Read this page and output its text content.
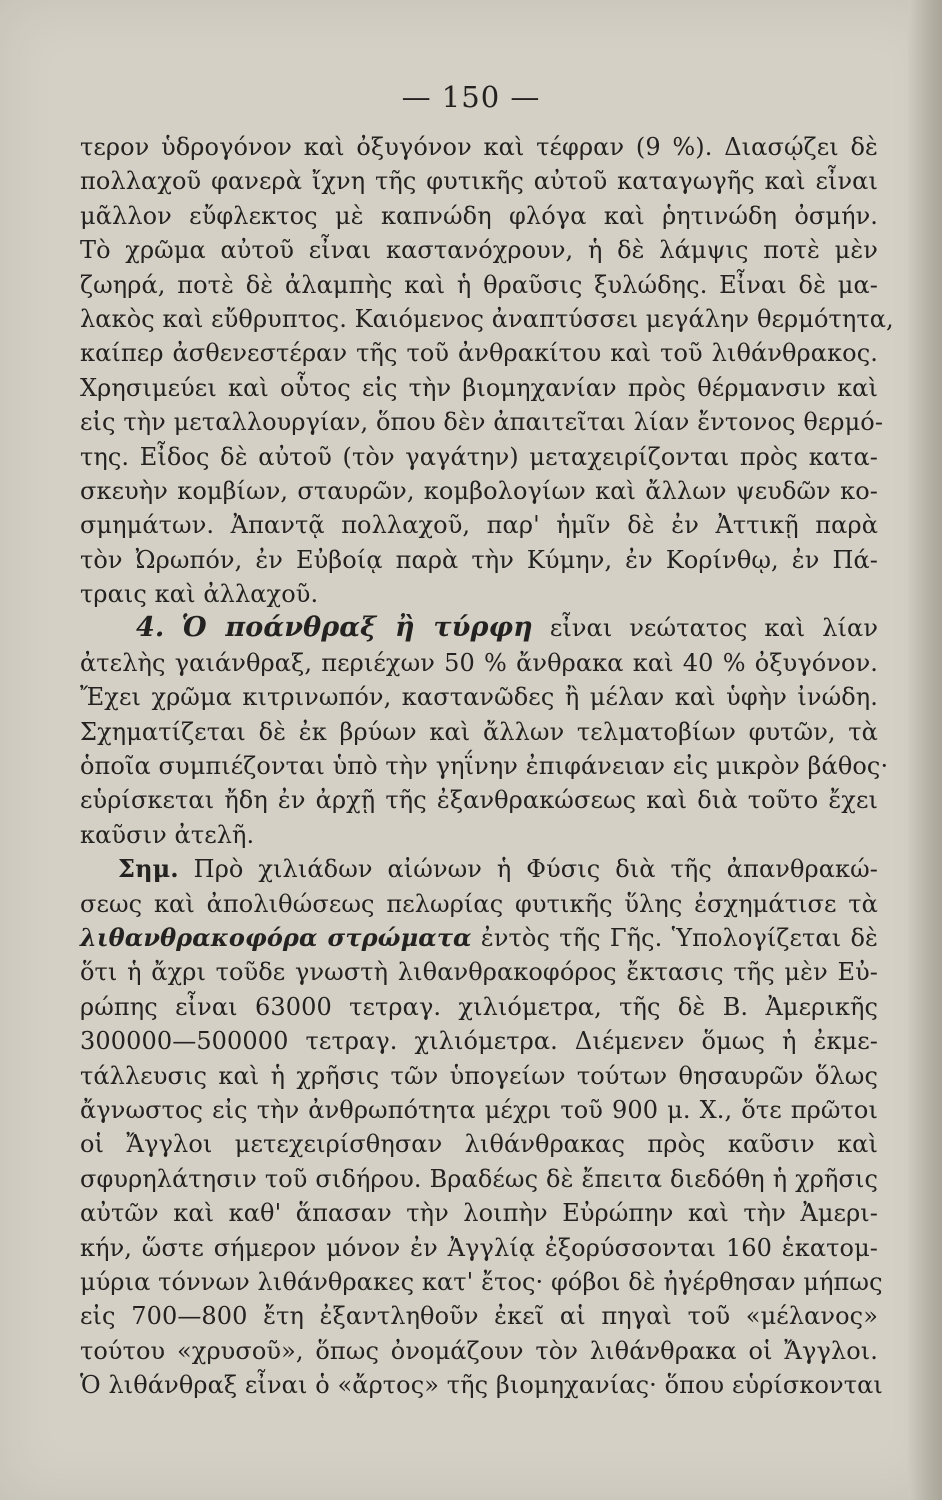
— 150 —
τερον ὑδρογόνον καὶ ὀξυγόνον καὶ τέφραν (9 %). Διασῴζει δὲ
πολλαχοῦ φανερὰ ἴχνη τῆς φυτικῆς αὐτοῦ καταγωγῆς καὶ εἶναι
μᾶλλον εὔφλεκτος μὲ καπνώδη φλόγα καὶ ῥητινώδη ὀσμήν.
Τὸ χρῶμα αὐτοῦ εἶναι καστανόχρουν, ἡ δὲ λάμψις ποτὲ μὲν
ζωηρά, ποτὲ δὲ ἀλαμπὴς καὶ ἡ θραῦσις ξυλώδης. Εἶναι δὲ μα-
λακὸς καὶ εὔθρυπτος. Καιόμενος ἀναπτύσσει μεγάλην θερμότητα,
καίπερ ἀσθενεστέραν τῆς τοῦ ἀνθρακίτου καὶ τοῦ λιθάνθρακος.
Χρησιμεύει καὶ οὗτος εἰς τὴν βιομηχανίαν πρὸς θέρμανσιν καὶ
εἰς τὴν μεταλλουργίαν, ὅπου δὲν ἀπαιτεῖται λίαν ἔντονος θερμό-
της. Εἶδος δὲ αὐτοῦ (τὸν γαγάτην) μεταχειρίζονται πρὸς κατα-
σκευὴν κομβίων, σταυρῶν, κομβολογίων καὶ ἄλλων ψευδῶν κο-
σμημάτων. Ἀπαντᾷ πολλαχοῦ, παρ' ἡμῖν δὲ ἐν Ἀττικῇ παρὰ
τὸν Ὠρωπόν, ἐν Εὐβοίᾳ παρὰ τὴν Κύμην, ἐν Κορίνθῳ, ἐν Πά-
τραις καὶ ἀλλαχοῦ.
4. Ὁ ποάνθραξ ἢ τύρφη εἶναι νεώτατος καὶ λίαν
ἀτελὴς γαιάνθραξ, περιέχων 50 % ἄνθρακα καὶ 40 % ὀξυγόνον.
Ἔχει χρῶμα κιτρινωπόν, καστανῶδες ἢ μέλαν καὶ ὑφὴν ἰνώδη.
Σχηματίζεται δὲ ἐκ βρύων καὶ ἄλλων τελματοβίων φυτῶν, τὰ
ὁποῖα συμπιέζονται ὑπὸ τὴν γηΐνην ἐπιφάνειαν εἰς μικρὸν βάθος·
εὑρίσκεται ἤδη ἐν ἀρχῇ τῆς ἐξανθρακώσεως καὶ διὰ τοῦτο ἔχει
καῦσιν ἀτελῆ.
Σημ. Πρὸ χιλιάδων αἰώνων ἡ Φύσις διὰ τῆς ἀπανθρακώ-
σεως καὶ ἀπολιθώσεως πελωρίας φυτικῆς ὕλης ἐσχημάτισε τὰ
λιθανθρακοφόρα στρώματα ἐντὸς τῆς Γῆς. Ὑπολογίζεται δὲ
ὅτι ἡ ἄχρι τοῦδε γνωστὴ λιθανθρακοφόρος ἔκτασις τῆς μὲν Εὐ-
ρώπης εἶναι 63000 τετραγ. χιλιόμετρα, τῆς δὲ Β. Ἀμερικῆς
300000—500000 τετραγ. χιλιόμετρα. Διέμενεν ὅμως ἡ ἐκμε-
τάλλευσις καὶ ἡ χρῆσις τῶν ὑπογείων τούτων θησαυρῶν ὅλως
ἄγνωστος εἰς τὴν ἀνθρωπότητα μέχρι τοῦ 900 μ. Χ., ὅτε πρῶτοι
οἱ Ἄγγλοι μετεχειρίσθησαν λιθάνθρακας πρὸς καῦσιν καὶ
σφυρηλάτησιν τοῦ σιδήρου. Βραδέως δὲ ἔπειτα διεδόθη ἡ χρῆσις
αὐτῶν καὶ καθ' ἅπασαν τὴν λοιπὴν Εὐρώπην καὶ τὴν Ἀμερι-
κήν, ὥστε σήμερον μόνον ἐν Ἀγγλίᾳ ἐξορύσσονται 160 ἑκατομ-
μύρια τόννων λιθάνθρακες κατ' ἔτος· φόβοι δὲ ἠγέρθησαν μήπως
εἰς 700—800 ἔτη ἐξαντληθοῦν ἐκεῖ αἱ πηγαὶ τοῦ «μέλανος»
τούτου «χρυσοῦ», ὅπως ὀνομάζουν τὸν λιθάνθρακα οἱ Ἄγγλοι.
Ὁ λιθάνθραξ εἶναι ὁ «ἄρτος» τῆς βιομηχανίας· ὅπου εὑρίσκονται
